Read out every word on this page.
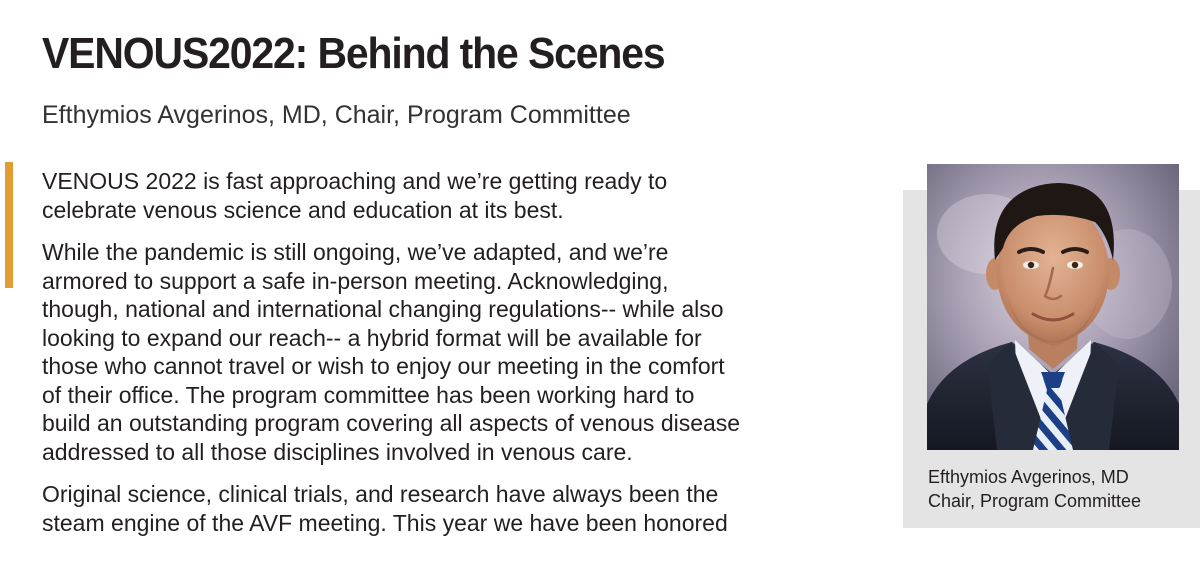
VENOUS2022: Behind the Scenes

Efthymios Avgerinos, MD, Chair, Program Committee

VENOUS 2022 is fast approaching and we’re getting ready to
celebrate venous science and education at its best.

While the pandemic is still ongoing, we’ve adapted, and we’re
armored to support a safe in-person meeting. Acknowledging,
though, national and international changing regulations-- while also
looking to expand our reach-- a hybrid format will be available for
those who cannot travel or wish to enjoy our meeting in the comfort
of their office. The program committee has been working hard to
build an outstanding program covering all aspects of venous disease
addressed to all those disciplines involved in venous care.

Original science, clinical trials, and research have always been the
steam engine of the AVF meeting. This year we have been honored

Efthymios Avgerinos, MD
Chair, Program Committee
